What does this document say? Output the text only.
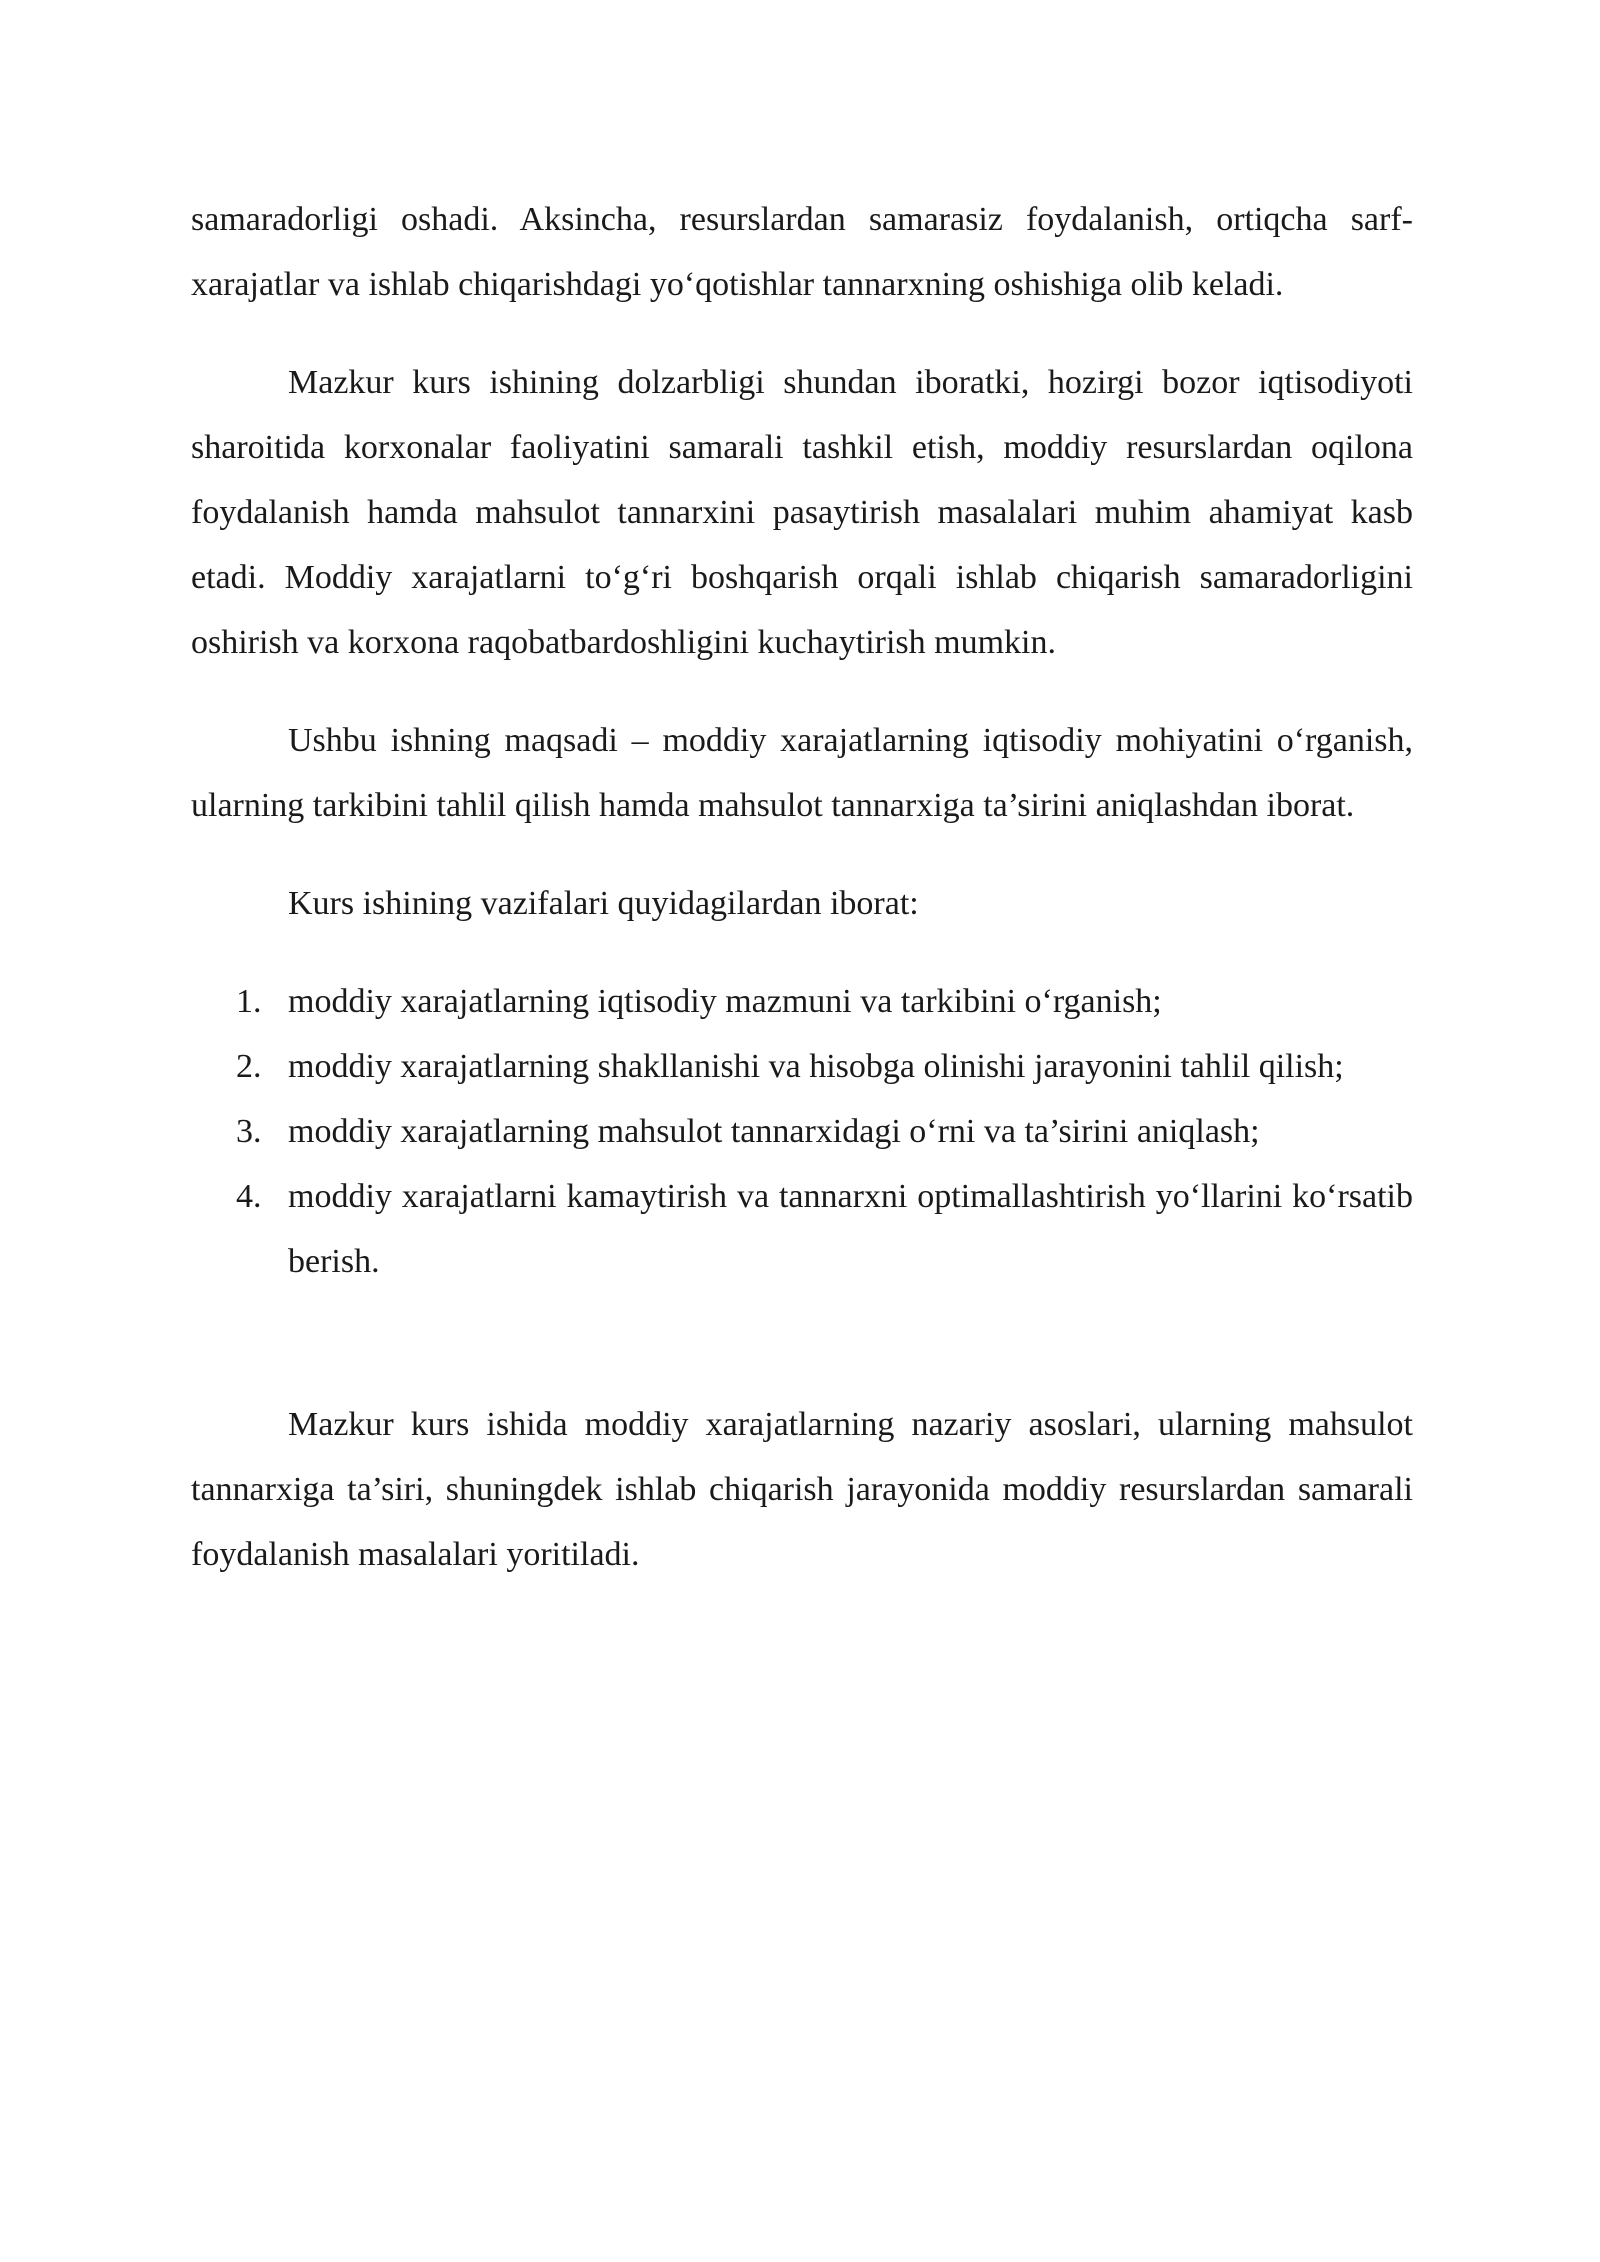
samaradorligi oshadi. Aksincha, resurslardan samarasiz foydalanish, ortiqcha sarf-xarajatlar va ishlab chiqarishdagi yo‘qotishlar tannarxning oshishiga olib keladi.

Mazkur kurs ishining dolzarbligi shundan iboratki, hozirgi bozor iqtisodiyoti sharoitida korxonalar faoliyatini samarali tashkil etish, moddiy resurslardan oqilona foydalanish hamda mahsulot tannarxini pasaytirish masalalari muhim ahamiyat kasb etadi. Moddiy xarajatlarni to‘g‘ri boshqarish orqali ishlab chiqarish samaradorligini oshirish va korxona raqobatbardoshligini kuchaytirish mumkin.

Ushbu ishning maqsadi – moddiy xarajatlarning iqtisodiy mohiyatini o‘rganish, ularning tarkibini tahlil qilish hamda mahsulot tannarxiga ta’sirini aniqlashdan iborat.

Kurs ishining vazifalari quyidagilardan iborat:

1. moddiy xarajatlarning iqtisodiy mazmuni va tarkibini o‘rganish;
2. moddiy xarajatlarning shakllanishi va hisobga olinishi jarayonini tahlil qilish;
3. moddiy xarajatlarning mahsulot tannarxidagi o‘rni va ta’sirini aniqlash;
4. moddiy xarajatlarni kamaytirish va tannarxni optimallashtirish yo‘llarini ko‘rsatib berish.

Mazkur kurs ishida moddiy xarajatlarning nazariy asoslari, ularning mahsulot tannarxiga ta’siri, shuningdek ishlab chiqarish jarayonida moddiy resurslardan samarali foydalanish masalalari yoritiladi.
